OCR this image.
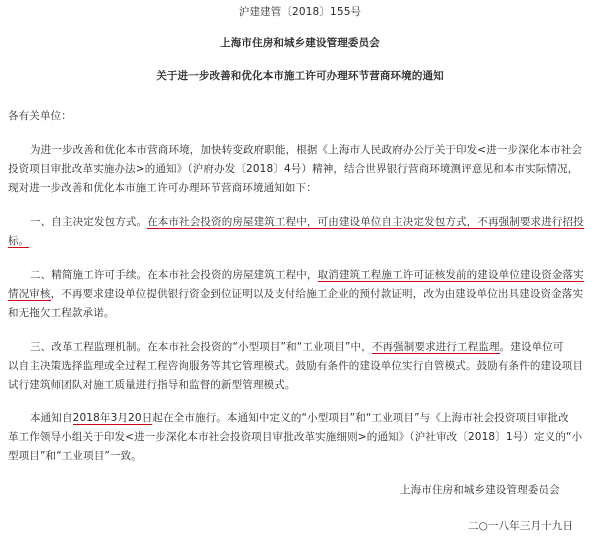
沪建建管〔2018〕155号
上海市住房和城乡建设管理委员会
关于进一步改善和优化本市施工许可办理环节营商环境的通知
各有关单位：
为进一步改善和优化本市营商环境，加快转变政府职能，根据《上海市人民政府办公厅关于印发<进一步深化本市社会
投资项目审批改革实施办法>的通知》（沪府办发〔2018〕4号）精神，结合世界银行营商环境测评意见和本市实际情况，
现对进一步改善和优化本市施工许可办理环节营商环境通知如下：
一、自主决定发包方式。在本市社会投资的房屋建筑工程中，可由建设单位自主决定发包方式，不再强制要求进行招投
标。
二、精简施工许可手续。在本市社会投资的房屋建筑工程中，取消建筑工程施工许可证核发前的建设单位建设资金落实
情况审核，不再要求建设单位提供银行资金到位证明以及支付给施工企业的预付款证明，改为由建设单位出具建设资金落实
和无拖欠工程款承诺。
三、改革工程监理机制。在本市社会投资的“小型项目”和“工业项目”中，不再强制要求进行工程监理。建设单位可
以自主决策选择监理或全过程工程咨询服务等其它管理模式。鼓励有条件的建设单位实行自管模式。鼓励有条件的建设项目
试行建筑师团队对施工质量进行指导和监督的新型管理模式。
本通知自2018年3月20日起在全市施行。本通知中定义的“小型项目”和“工业项目”与《上海市社会投资项目审批改
革工作领导小组关于印发<进一步深化本市社会投资项目审批改革实施细则>的通知》（沪社审改〔2018〕1号）定义的“小
型项目”和“工业项目”一致。
上海市住房和城乡建设管理委员会
二○一八年三月十九日
